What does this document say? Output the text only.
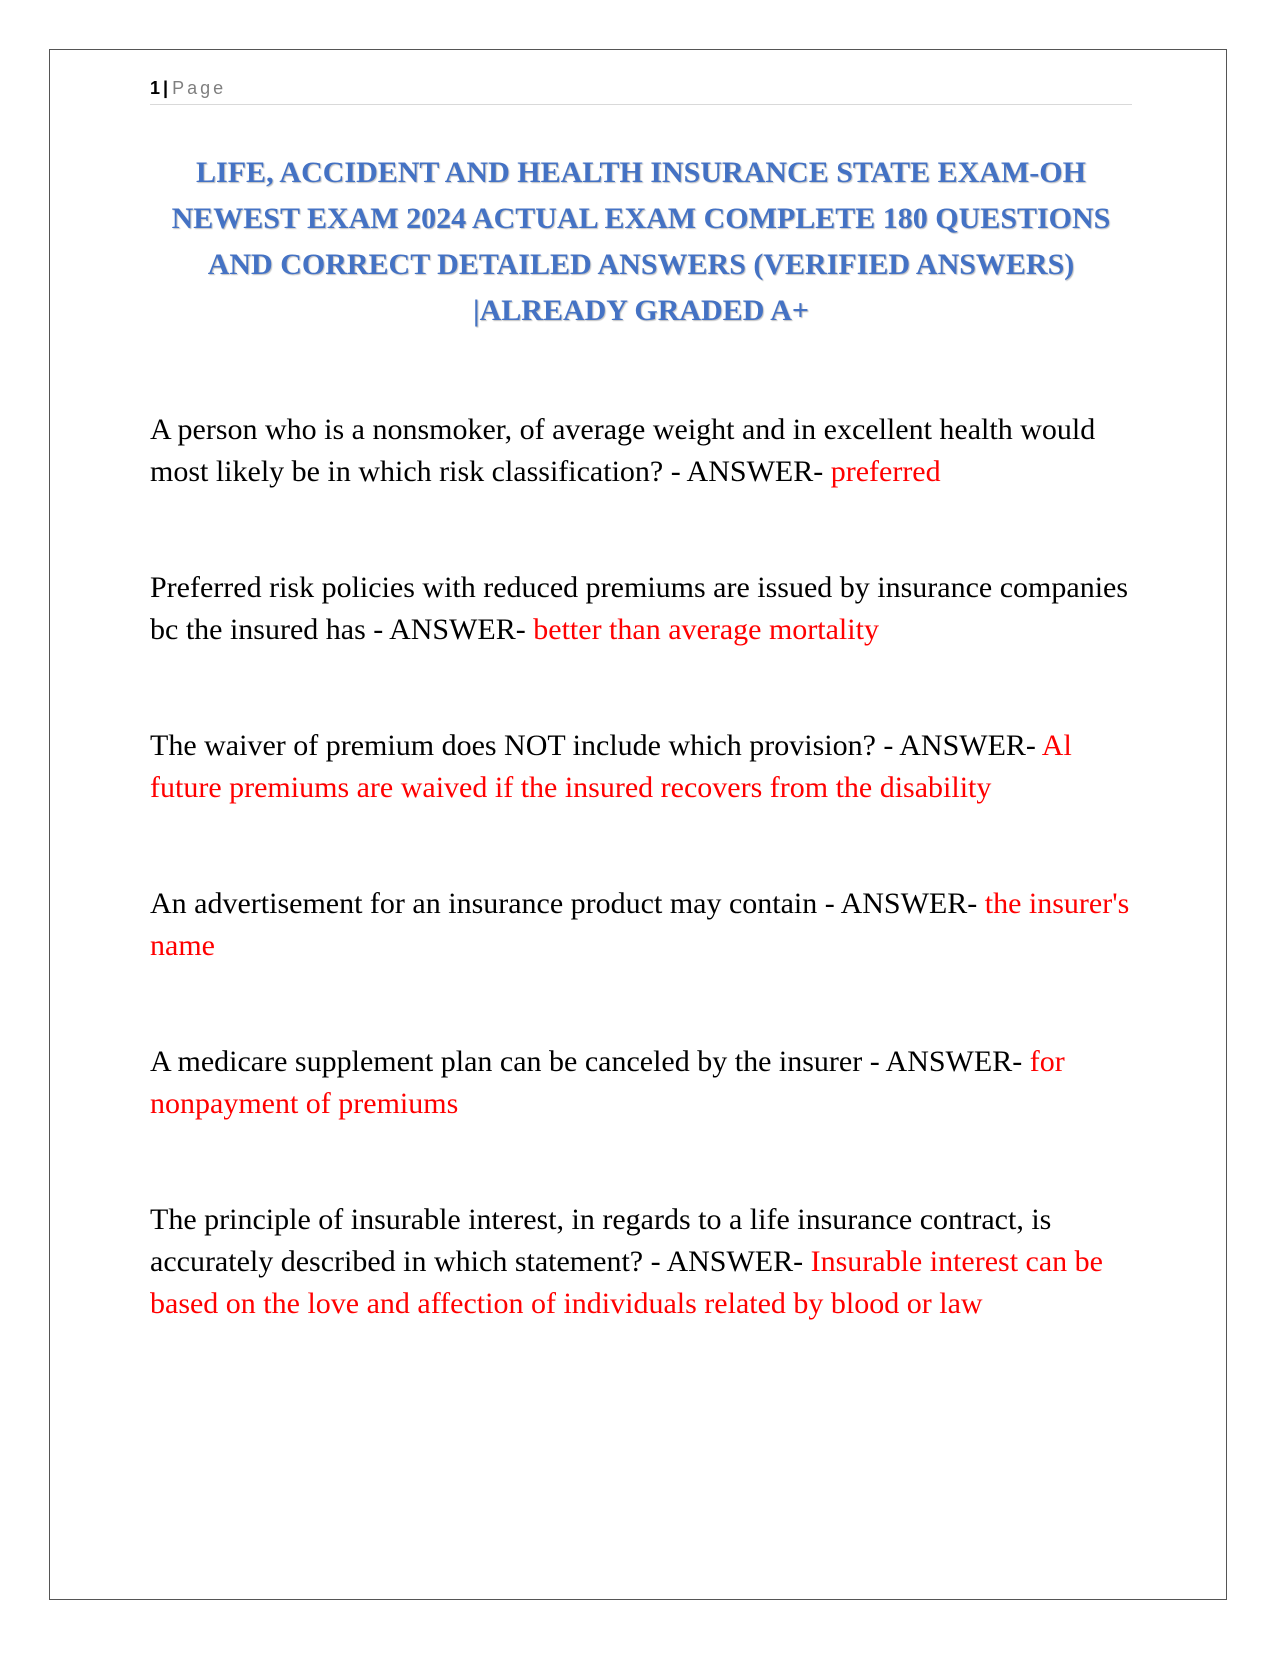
1 | Page
LIFE, ACCIDENT AND HEALTH INSURANCE STATE EXAM-OH NEWEST EXAM 2024 ACTUAL EXAM COMPLETE 180 QUESTIONS AND CORRECT DETAILED ANSWERS (VERIFIED ANSWERS) |ALREADY GRADED A+

A person who is a nonsmoker, of average weight and in excellent health would most likely be in which risk classification? - ANSWER- preferred

Preferred risk policies with reduced premiums are issued by insurance companies bc the insured has - ANSWER- better than average mortality

The waiver of premium does NOT include which provision? - ANSWER- Al future premiums are waived if the insured recovers from the disability

An advertisement for an insurance product may contain - ANSWER- the insurer's name

A medicare supplement plan can be canceled by the insurer - ANSWER- for nonpayment of premiums

The principle of insurable interest, in regards to a life insurance contract, is accurately described in which statement? - ANSWER- Insurable interest can be based on the love and affection of individuals related by blood or law
